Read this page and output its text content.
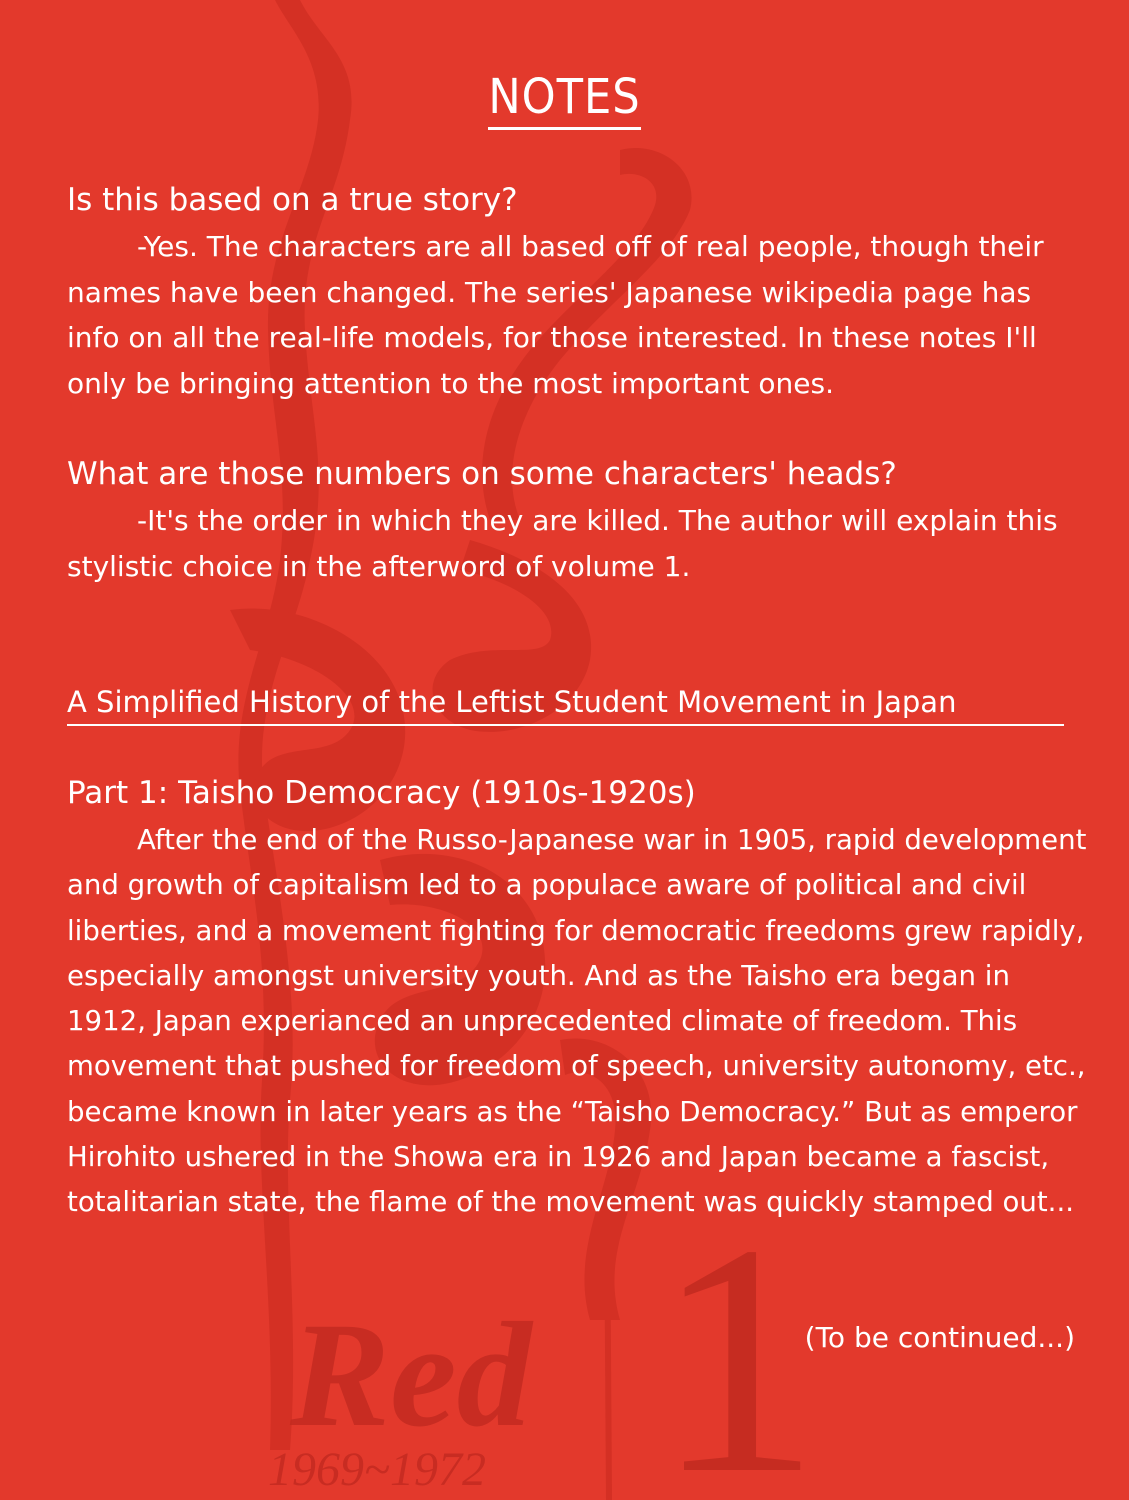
Red
1969~1972 1
NOTES
Is this based on a true story?

-Yes. The characters are all based off of real people, though their names have been changed. The series' Japanese wikipedia page has info on all the real-life models, for those interested. In these notes I'll only be bringing attention to the most important ones.

What are those numbers on some characters' heads?

-It's the order in which they are killed. The author will explain this stylistic choice in the afterword of volume 1.

A Simplified History of the Leftist Student Movement in Japan
Part 1: Taisho Democracy (1910s-1920s)

After the end of the Russo-Japanese war in 1905, rapid development and growth of capitalism led to a populace aware of political and civil liberties, and a movement fighting for democratic freedoms grew rapidly, especially amongst university youth. And as the Taisho era began in 1912, Japan experianced an unprecedented climate of freedom. This movement that pushed for freedom of speech, university autonomy, etc., became known in later years as the “Taisho Democracy.” But as emperor Hirohito ushered in the Showa era in 1926 and Japan became a fascist, totalitarian state, the flame of the movement was quickly stamped out...

(To be continued...)
